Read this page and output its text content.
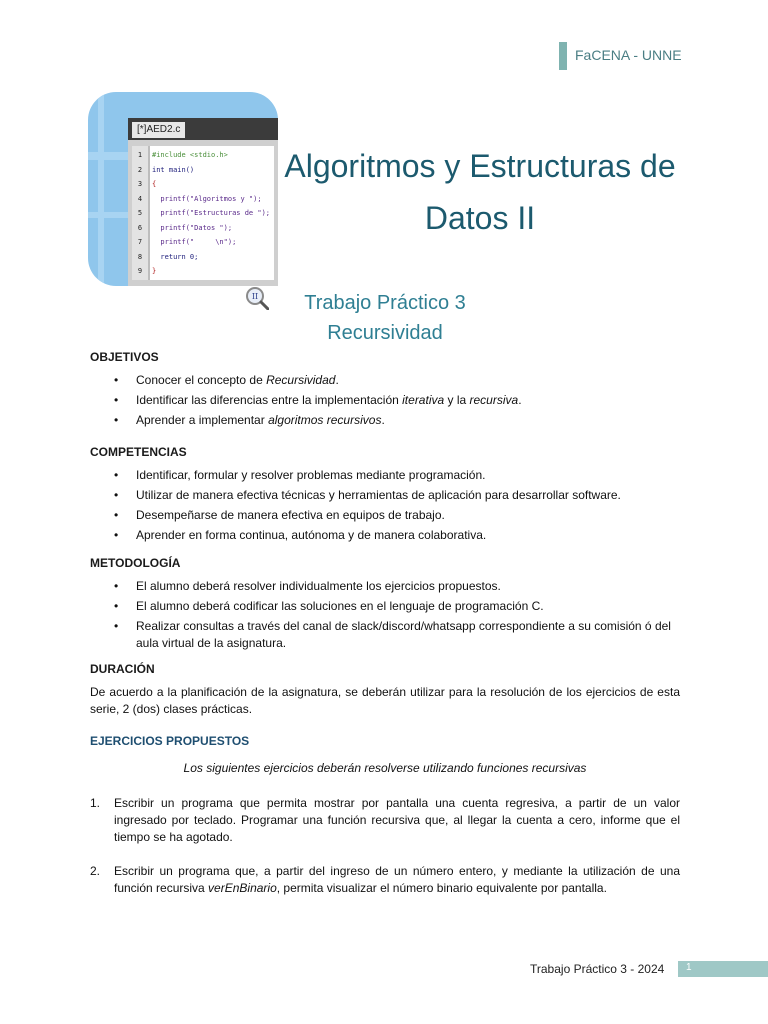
FaCENA - UNNE
[*]AED2.c
1 #include <stdio.h>
2 int main()
3 {
4 printf("Algoritmos y ");
5 printf("Estructuras de ");
6 printf("Datos ");
7 printf("     \n");
8 return 0;
9 }
II
Algoritmos y Estructuras de
Datos II
Trabajo Práctico 3
Recursividad
OBJETIVOS
• Conocer el concepto de Recursividad.
• Identificar las diferencias entre la implementación iterativa y la recursiva.
• Aprender a implementar algoritmos recursivos.
COMPETENCIAS
• Identificar, formular y resolver problemas mediante programación.
• Utilizar de manera efectiva técnicas y herramientas de aplicación para desarrollar software.
• Desempeñarse de manera efectiva en equipos de trabajo.
• Aprender en forma continua, autónoma y de manera colaborativa.
METODOLOGÍA
• El alumno deberá resolver individualmente los ejercicios propuestos.
• El alumno deberá codificar las soluciones en el lenguaje de programación C.
• Realizar consultas a través del canal de slack/discord/whatsapp correspondiente a su comisión ó del aula virtual de la asignatura.
DURACIÓN
De acuerdo a la planificación de la asignatura, se deberán utilizar para la resolución de los ejercicios de esta serie, 2 (dos) clases prácticas.
EJERCICIOS PROPUESTOS
Los siguientes ejercicios deberán resolverse utilizando funciones recursivas
1. Escribir un programa que permita mostrar por pantalla una cuenta regresiva, a partir de un valor ingresado por teclado. Programar una función recursiva que, al llegar la cuenta a cero, informe que el tiempo se ha agotado.
2. Escribir un programa que, a partir del ingreso de un número entero, y mediante la utilización de una función recursiva verEnBinario, permita visualizar el número binario equivalente por pantalla.
Trabajo Práctico 3 - 2024 1
